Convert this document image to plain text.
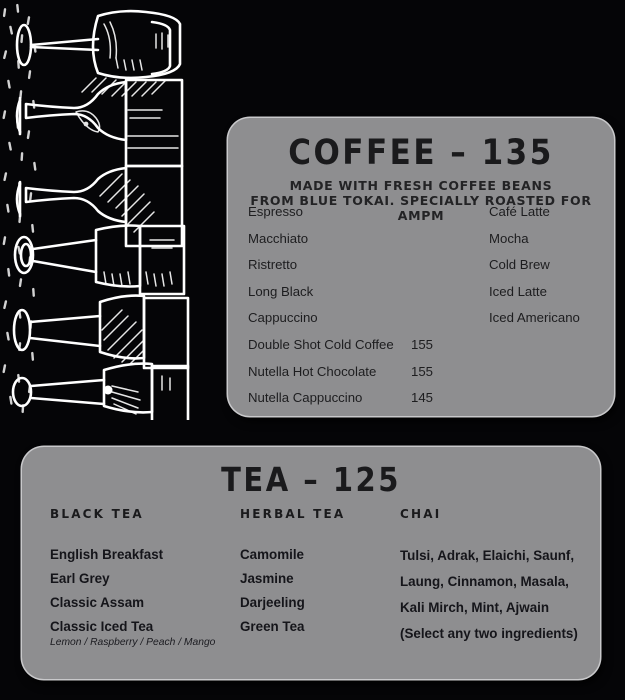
COFFEE – 135
MADE WITH FRESH COFFEE BEANS
FROM BLUE TOKAI. SPECIALLY ROASTED FOR AMPM
Espresso
Macchiato
Ristretto
Long Black
Cappuccino
Double Shot Cold Coffee	155
Nutella Hot Chocolate	155
Nutella Cappuccino	145
Café Latte
Mocha
Cold Brew
Iced Latte
Iced Americano
TEA – 125
BLACK TEA
English Breakfast
Earl Grey
Classic Assam
Classic Iced Tea
Lemon / Raspberry / Peach / Mango
HERBAL TEA
Camomile
Jasmine
Darjeeling
Green Tea
CHAI
Tulsi, Adrak, Elaichi, Saunf,
Laung, Cinnamon, Masala,
Kali Mirch, Mint, Ajwain
(Select any two ingredients)
